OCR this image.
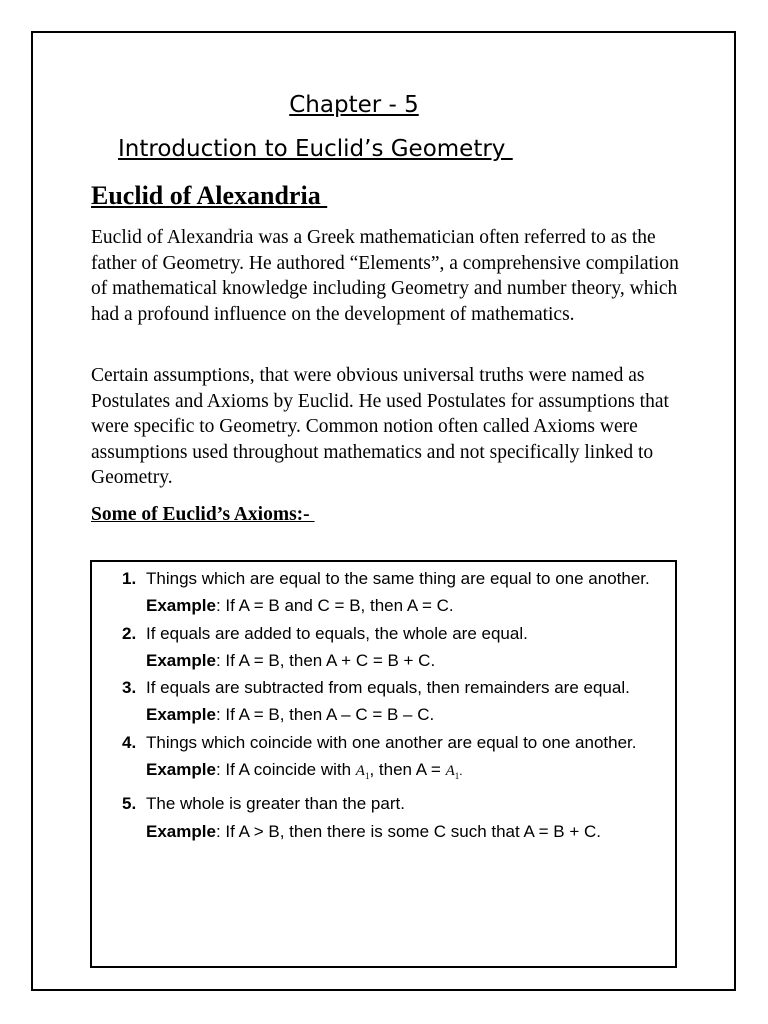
Chapter - 5
Introduction to Euclid’s Geometry
Euclid of Alexandria

Euclid of Alexandria was a Greek mathematician often referred to as the father of Geometry. He authored “Elements”, a comprehensive compilation of mathematical knowledge including Geometry and number theory, which had a profound influence on the development of mathematics.

Certain assumptions, that were obvious universal truths were named as Postulates and Axioms by Euclid. He used Postulates for assumptions that were specific to Geometry. Common notion often called Axioms were assumptions used throughout mathematics and not specifically linked to Geometry.

Some of Euclid’s Axioms:-
1. Things which are equal to the same thing are equal to one another.
Example: If A = B and C = B, then A = C.
2. If equals are added to equals, the whole are equal.
Example: If A = B, then A + C = B + C.
3. If equals are subtracted from equals, then remainders are equal.
Example: If A = B, then A – C = B – C.
4. Things which coincide with one another are equal to one another.
Example: If A coincide with $A_1$, then $A = A_1$.
5. The whole is greater than the part.
Example: If A > B, then there is some C such that A = B + C.
